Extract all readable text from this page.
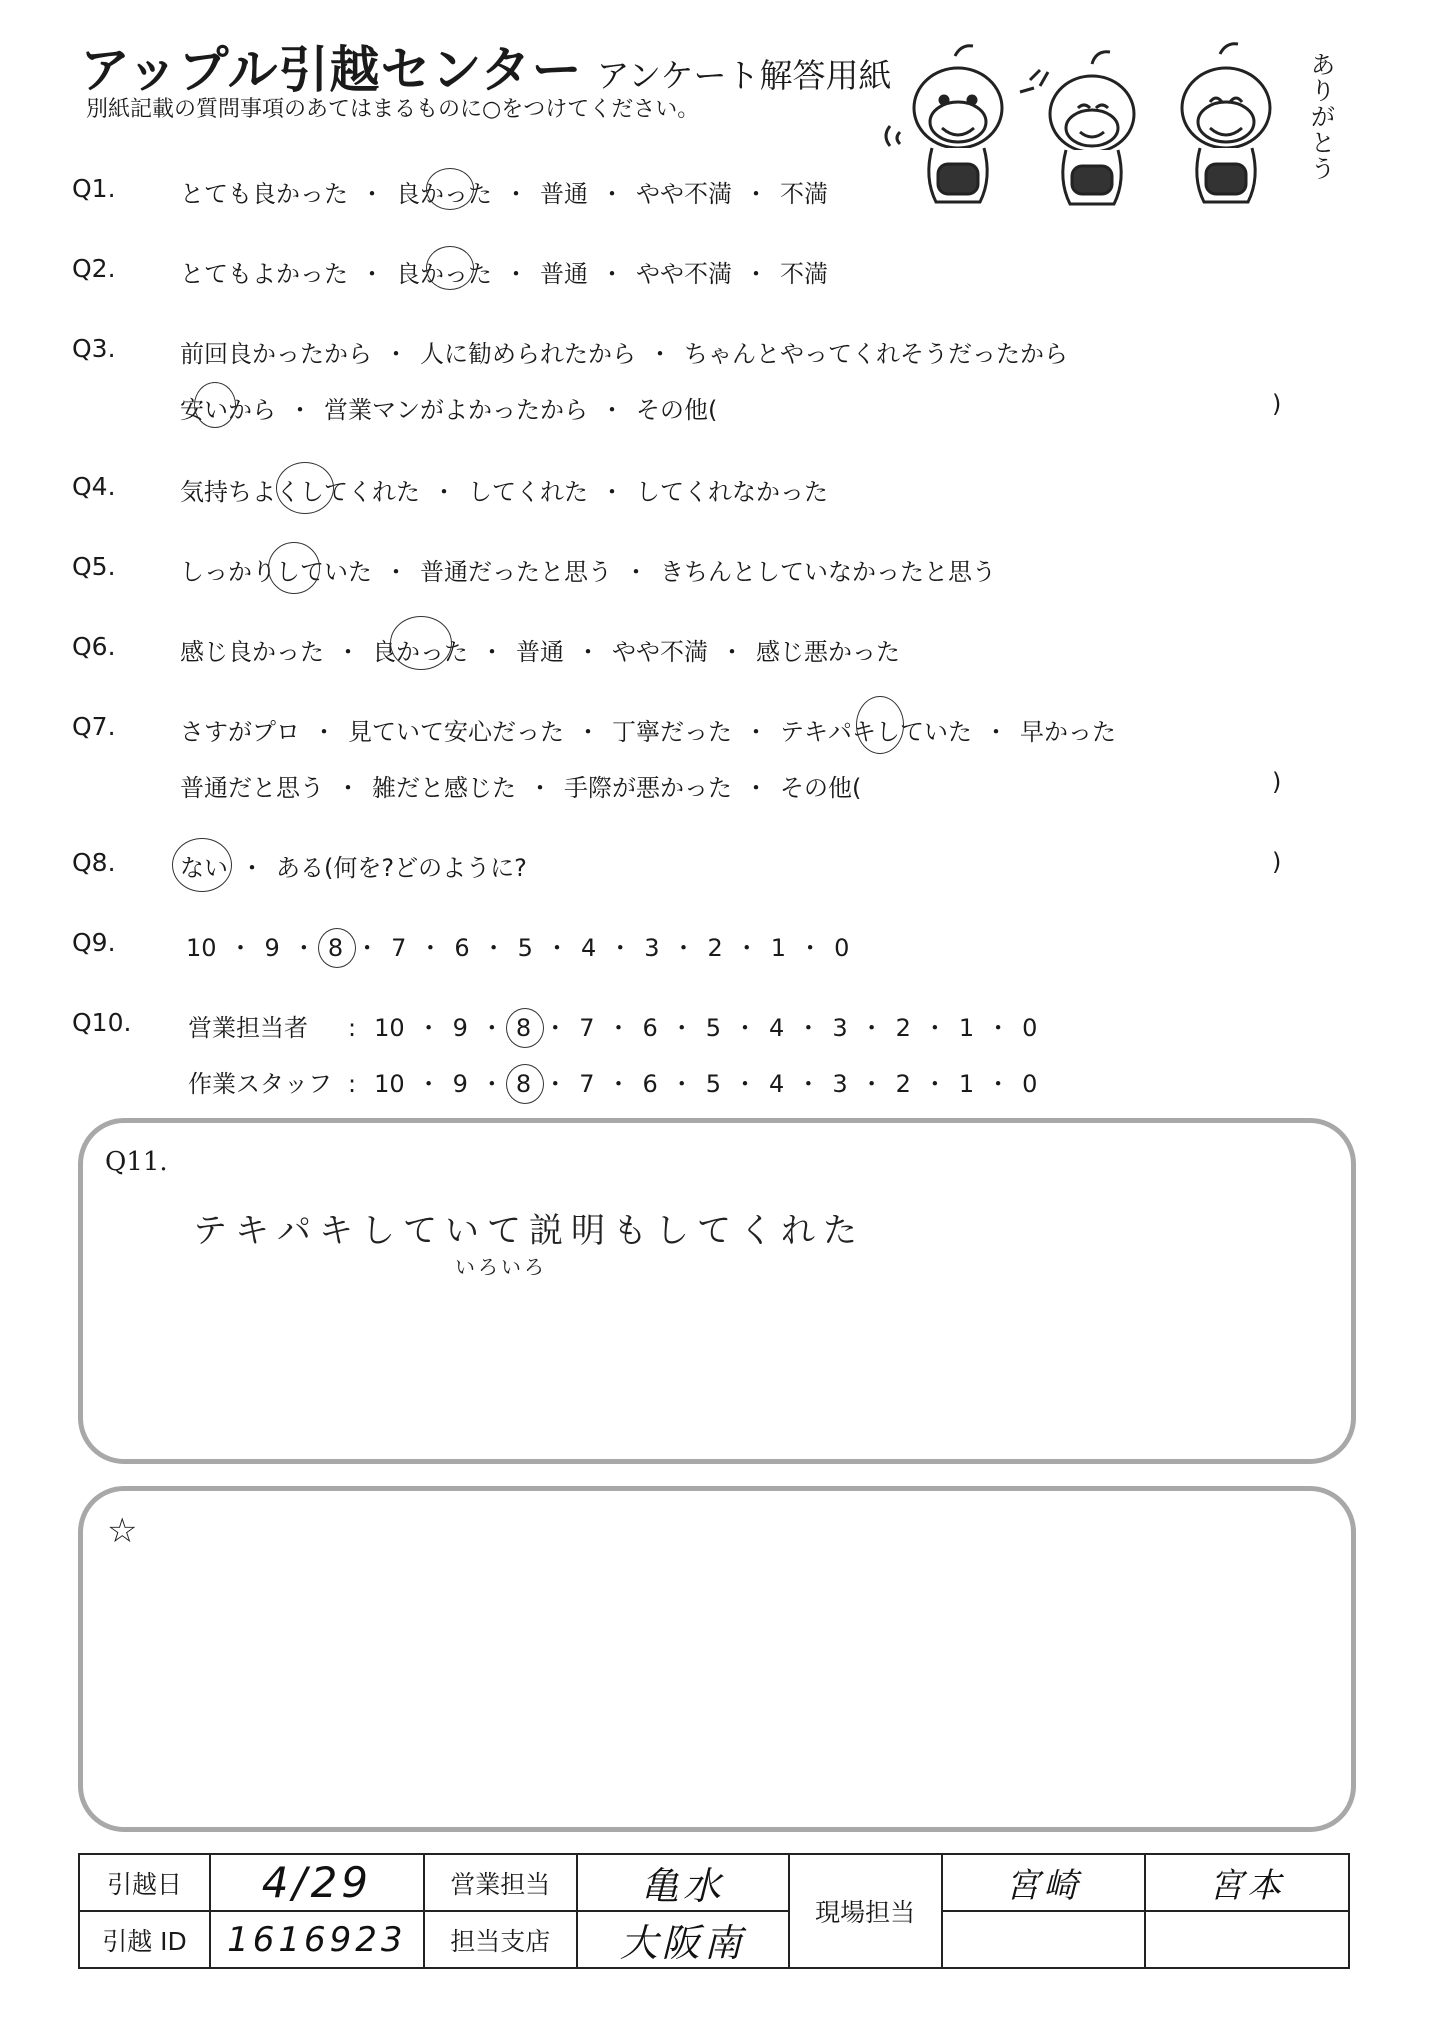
アップル引越センター アンケート解答用紙
別紙記載の質問事項のあてはまるものに○をつけてください。
ありがとう
Q1.	とても良かった ・ 良かった ・ 普通 ・ やや不満 ・ 不満
Q2.	とてもよかった ・ 良かった ・ 普通 ・ やや不満 ・ 不満
Q3.	前回良かったから ・ 人に勧められたから ・ ちゃんとやってくれそうだったから
安いから ・ 営業マンがよかったから ・ その他(	)
Q4.	気持ちよくしてくれた ・ してくれた ・ してくれなかった
Q5.	しっかりしていた ・ 普通だったと思う ・ きちんとしていなかったと思う
Q6.	感じ良かった ・ 良かった ・ 普通 ・ やや不満 ・ 感じ悪かった
Q7.	さすがプロ ・ 見ていて安心だった ・ 丁寧だった ・ テキパキしていた ・ 早かった
普通だと思う ・ 雑だと感じた ・ 手際が悪かった ・ その他(	)
Q8.	ない ・ ある(何を?どのように?	)
Q9.	10 ・ 9 ・ 8 ・ 7 ・ 6 ・ 5 ・ 4 ・ 3 ・ 2 ・ 1 ・ 0
Q10. 営業担当者 : 10 ・ 9 ・ 8 ・ 7 ・ 6 ・ 5 ・ 4 ・ 3 ・ 2 ・ 1 ・ 0
作業スタッフ : 10 ・ 9 ・ 8 ・ 7 ・ 6 ・ 5 ・ 4 ・ 3 ・ 2 ・ 1 ・ 0
Q11.
テキパキしていて説明もしてくれた
いろいろ
☆
引越日	4/29	営業担当	亀水	現場担当	宮崎	宮本
引越 ID	1616923	担当支店	大阪南			
